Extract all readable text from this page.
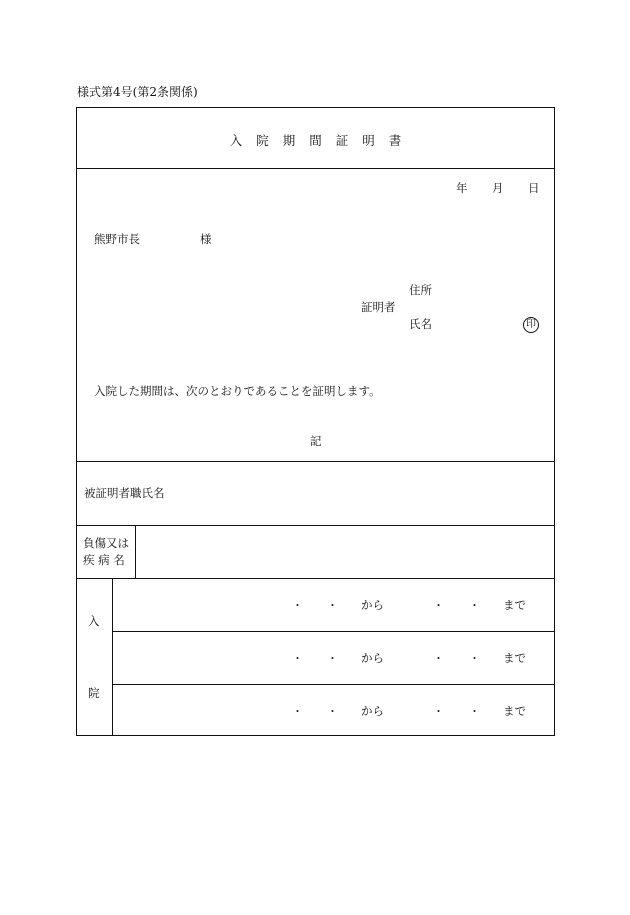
様式第4号(第2条関係)
入 院 期 間 証 明 書
年 月 日
熊野市長	様
住所
証明者
氏名	印
入院した期間は、次のとおりであることを証明します。
記
被証明者職氏名
負傷又は
疾 病 名
入
院
・ ・ から	・ ・ まで
・ ・ から	・ ・ まで
・ ・ から	・ ・ まで
